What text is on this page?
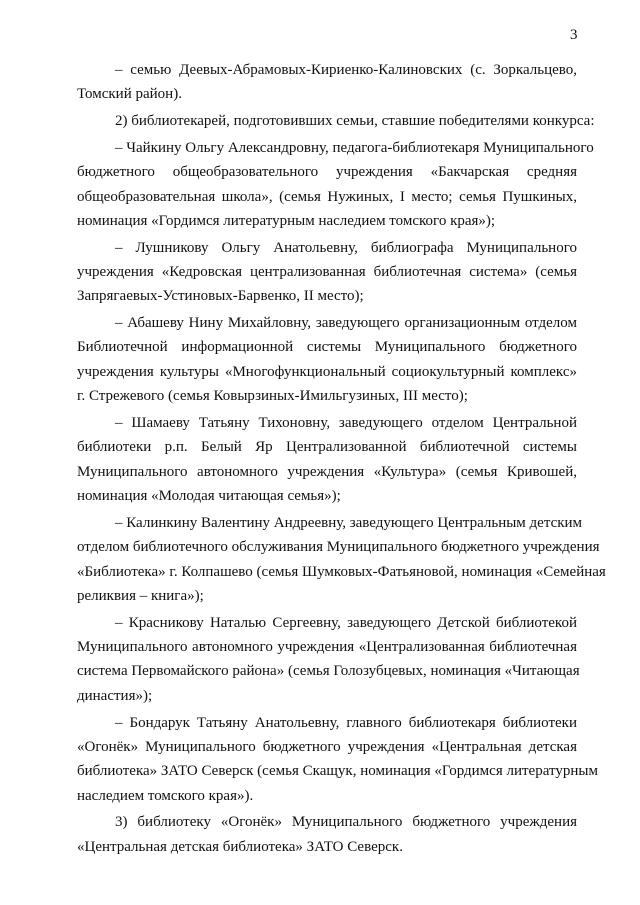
3
– семью Деевых-Абрамовых-Кириенко-Калиновских (с. Зоркальцево,
Томский район).
2) библиотекарей, подготовивших семьи, ставшие победителями конкурса:
– Чайкину Ольгу Александровну, педагога-библиотекаря Муниципального
бюджетного общеобразовательного учреждения «Бакчарская средняя
общеобразовательная школа», (семья Нужиных, I место; семья Пушкиных,
номинация «Гордимся литературным наследием томского края»);
– Лушникову Ольгу Анатольевну, библиографа Муниципального
учреждения «Кедровская централизованная библиотечная система» (семья
Запрягаевых-Устиновых-Барвенко, II место);
– Абашеву Нину Михайловну, заведующего организационным отделом
Библиотечной информационной системы Муниципального бюджетного
учреждения культуры «Многофункциональный социокультурный комплекс»
г. Стрежевого (семья Ковырзиных-Имильгузиных, III место);
– Шамаеву Татьяну Тихоновну, заведующего отделом Центральной
библиотеки р.п. Белый Яр Централизованной библиотечной системы
Муниципального автономного учреждения «Культура» (семья Кривошей,
номинация «Молодая читающая семья»);
– Калинкину Валентину Андреевну, заведующего Центральным детским
отделом библиотечного обслуживания Муниципального бюджетного учреждения
«Библиотека» г. Колпашево (семья Шумковых-Фатьяновой, номинация «Семейная
реликвия – книга»);
– Красникову Наталью Сергеевну, заведующего Детской библиотекой
Муниципального автономного учреждения «Централизованная библиотечная
система Первомайского района» (семья Голозубцевых, номинация «Читающая
династия»);
– Бондарук Татьяну Анатольевну, главного библиотекаря библиотеки
«Огонёк» Муниципального бюджетного учреждения «Центральная детская
библиотека» ЗАТО Северск (семья Скащук, номинация «Гордимся литературным
наследием томского края»).
3) библиотеку «Огонёк» Муниципального бюджетного учреждения
«Центральная детская библиотека» ЗАТО Северск.
